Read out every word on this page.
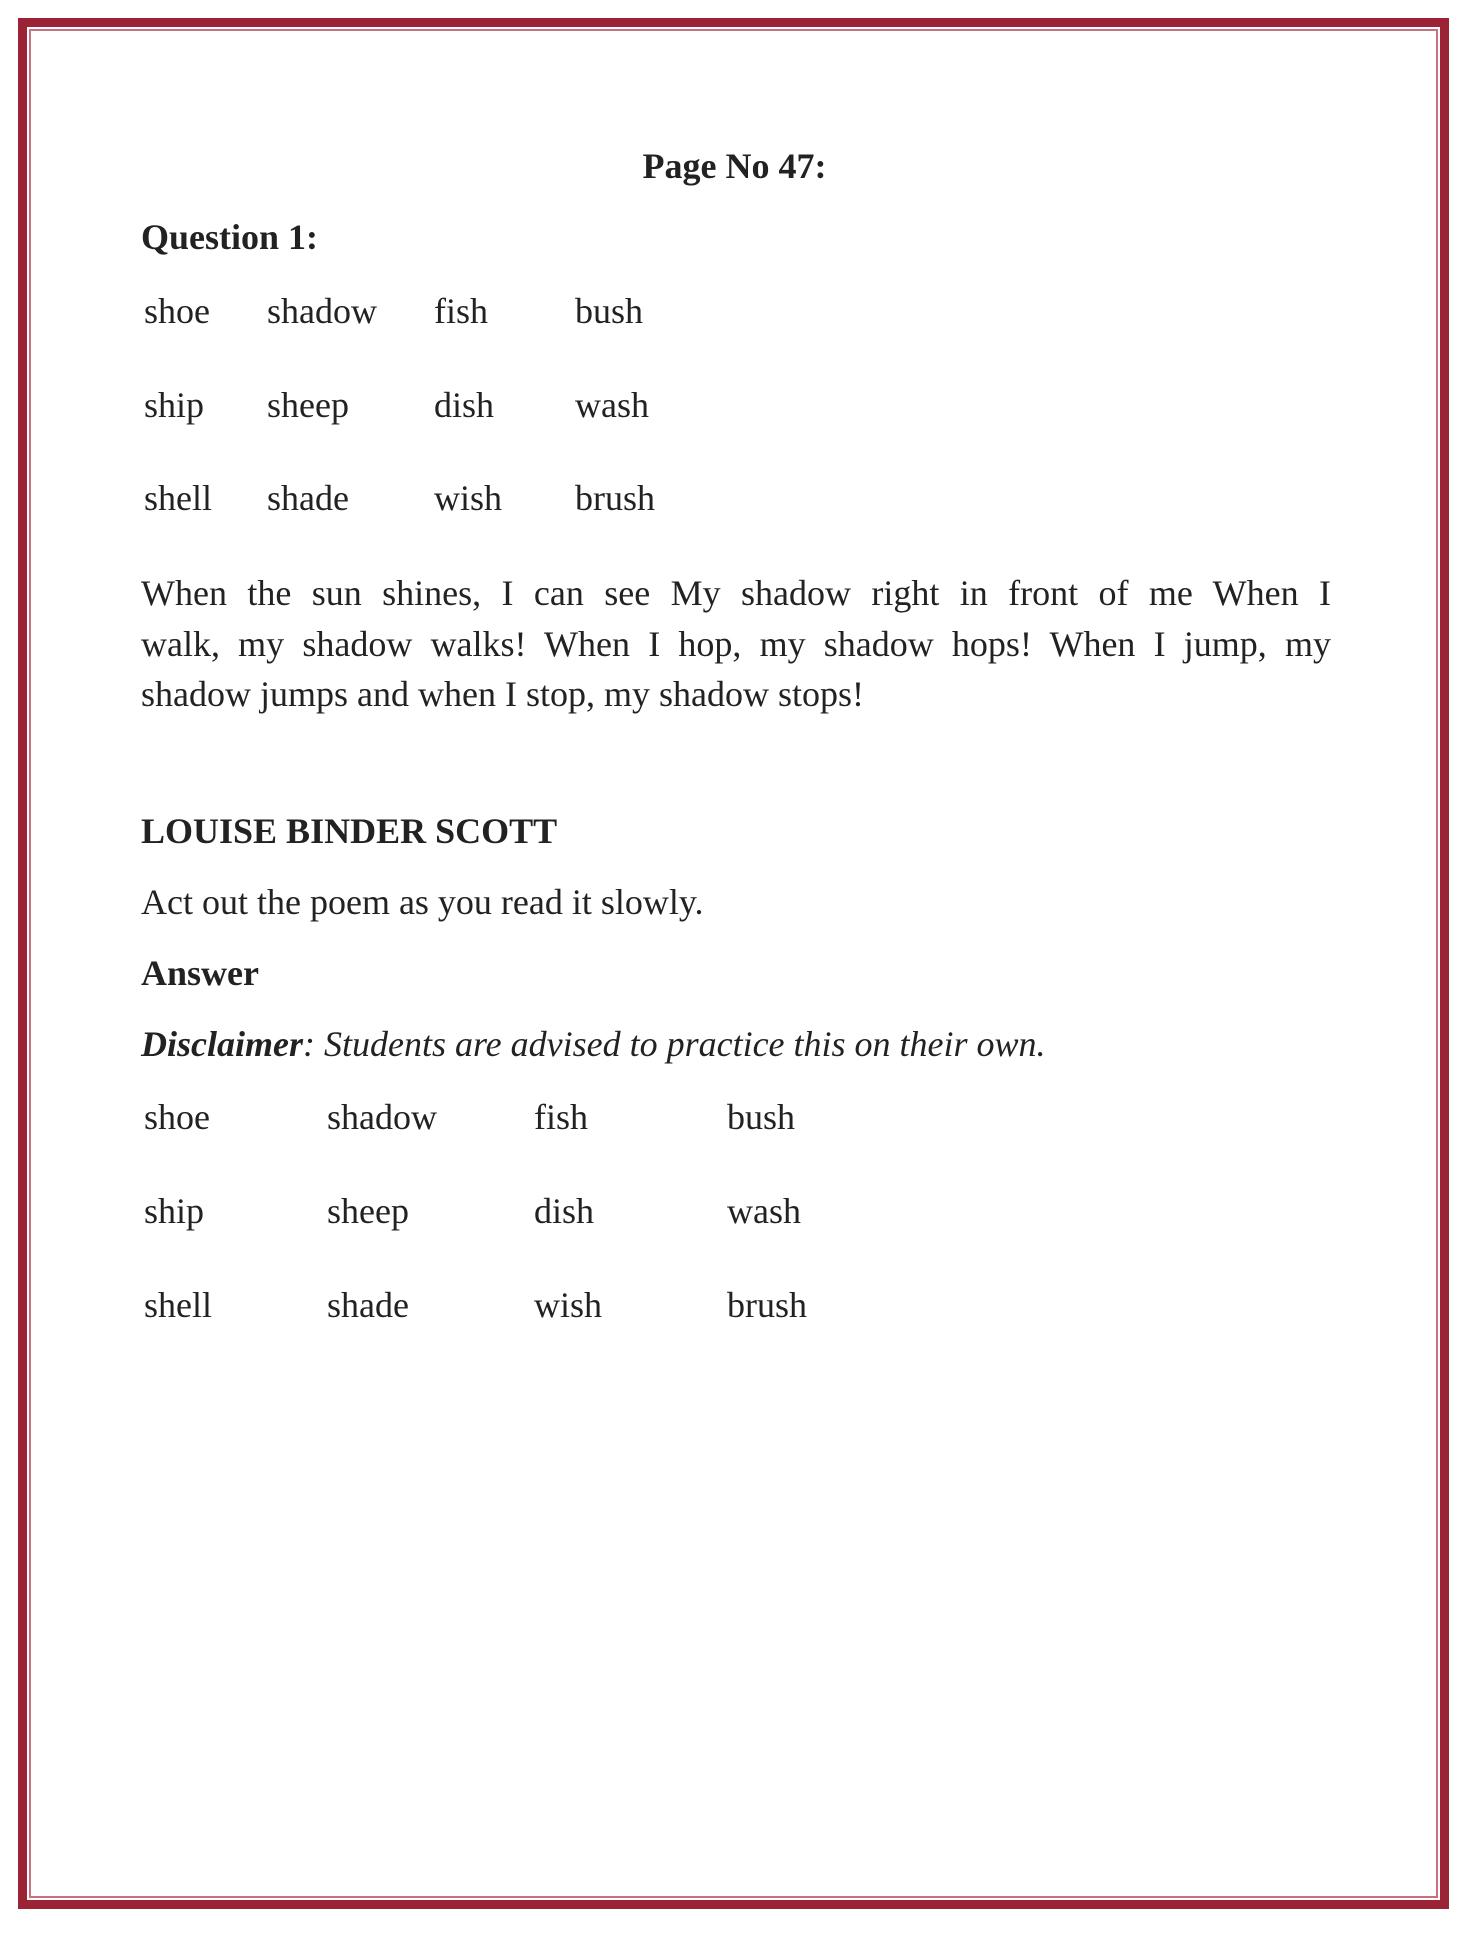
Page No 47:
Question 1:
shoe shadow fish bush
ship sheep dish wash
shell shade wish brush
When the sun shines, I can see My shadow right in front of me When I
walk, my shadow walks! When I hop, my shadow hops! When I jump, my
shadow jumps and when I stop, my shadow stops!
LOUISE BINDER SCOTT
Act out the poem as you read it slowly.
Answer
Disclaimer: Students are advised to practice this on their own.
shoe	shadow	fish	bush
ship	sheep	dish	wash
shell	shade	wish	brush
